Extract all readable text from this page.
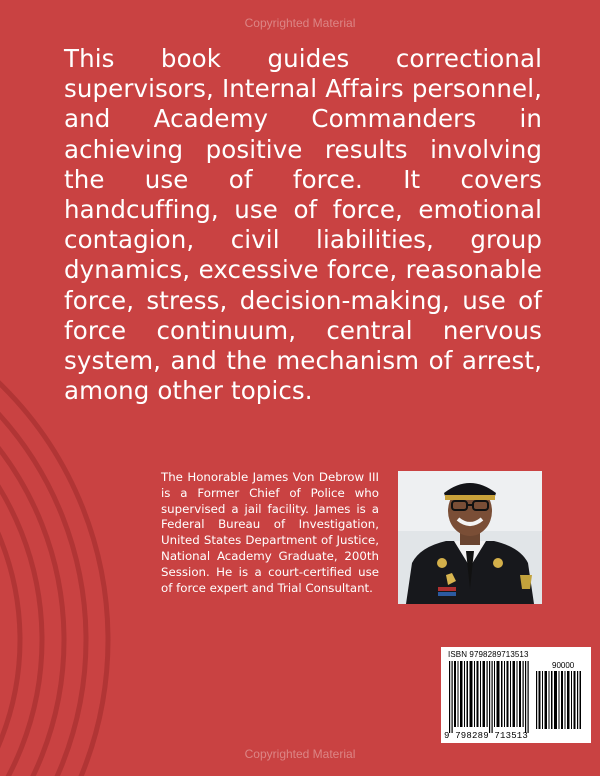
Copyrighted Material

This book guides correctional supervisors, Internal Affairs personnel, and Academy Commanders in achieving positive results involving the use of force. It covers handcuffing, use of force, emotional contagion, civil liabilities, group dynamics, excessive force, reasonable force, stress, decision-making, use of force continuum, central nervous system, and the mechanism of arrest, among other topics.

The Honorable James Von Debrow III is a Former Chief of Police who supervised a jail facility. James is a Federal Bureau of Investigation, United States Department of Justice, National Academy Graduate, 200th Session. He is a court-certified use of force expert and Trial Consultant.

ISBN 9798289713513
90000
9 798289 713513
Copyrighted Material
